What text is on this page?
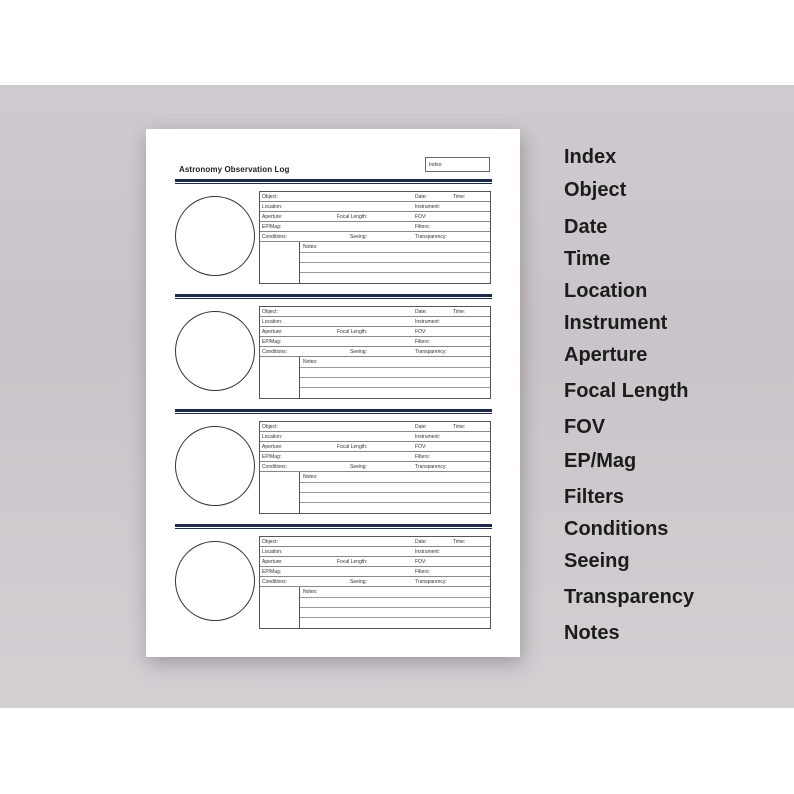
Astronomy Observation Log	Index:
Object:	Date:	Time:
Location:	Instrument:
Aperture:	Focal Length:	FOV:
EP/Mag:	Filters:
Conditions:	Seeing:	Transparency:
Notes:
Object:	Date:	Time:
Location:	Instrument:
Aperture:	Focal Length:	FOV:
EP/Mag:	Filters:
Conditions:	Seeing:	Transparency:
Notes:
Object:	Date:	Time:
Location:	Instrument:
Aperture:	Focal Length:	FOV:
EP/Mag:	Filters:
Conditions:	Seeing:	Transparency:
Notes:
Object:	Date:	Time:
Location:	Instrument:
Aperture:	Focal Length:	FOV:
EP/Mag:	Filters:
Conditions:	Seeing:	Transparency:
Notes:
Index
Object
Date
Time
Location
Instrument
Aperture
Focal Length
FOV
EP/Mag
Filters
Conditions
Seeing
Transparency
Notes
